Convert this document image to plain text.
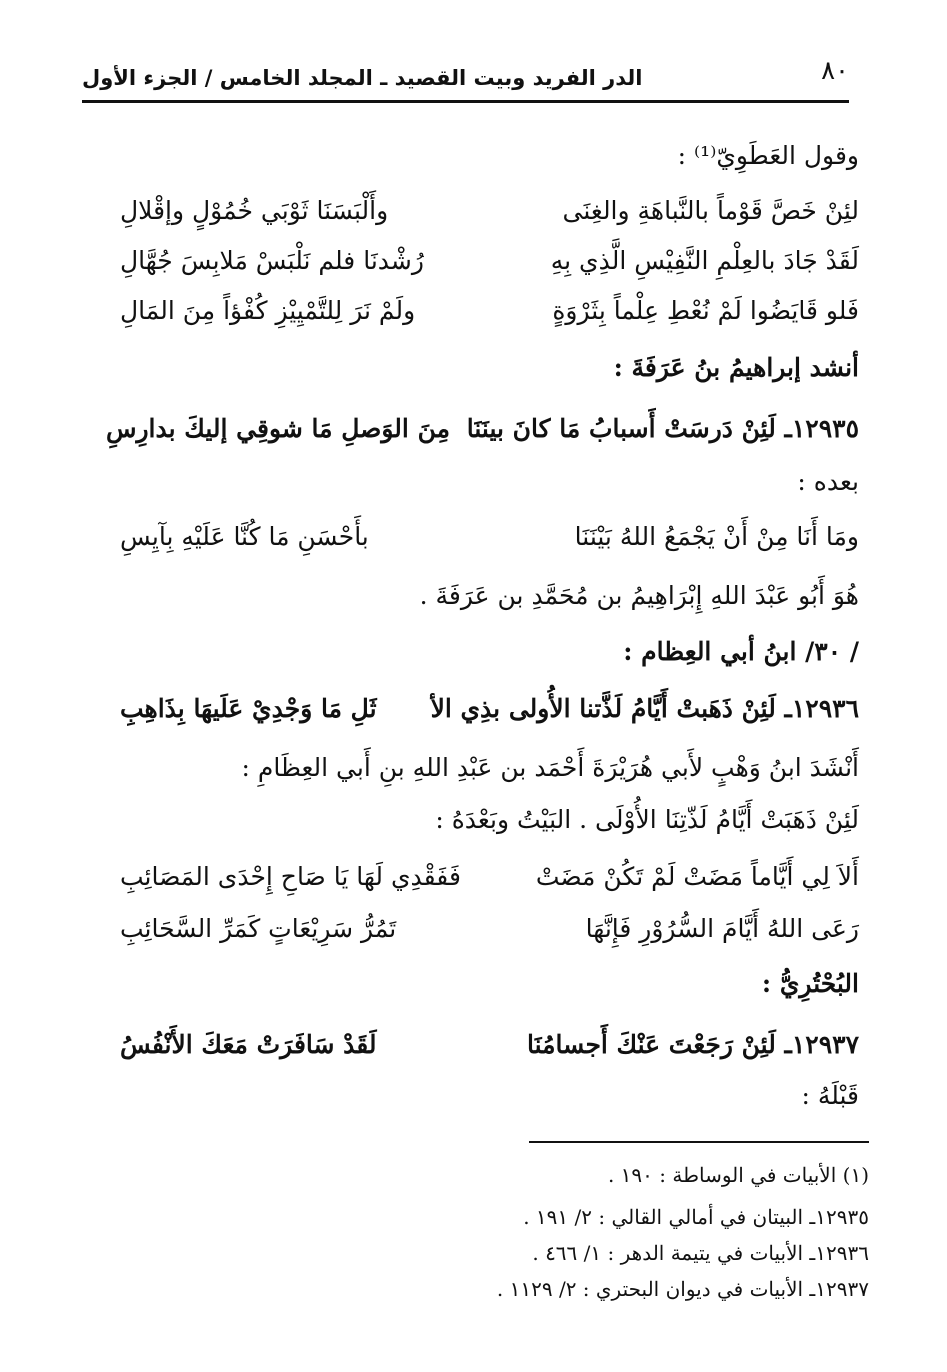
٨٠
الدر الفريد وبيت القصيد ـ المجلد الخامس / الجزء الأول
وقول العَطَوِيّ⁽¹⁾ :
لئِنْ خَصَّ قَوْماً بالنَّباهَةِ والغِنَى
وأَلْبَسَنَا ثَوْبَي خُمُوْلٍ وإقْلالِ
لَقَدْ جَادَ بالعِلْمِ النَّفِيْسِ الَّذِي بِهِ
رُشْدنَا فلم نَلْبَسْ مَلابِسَ جُهَّالِ
فَلو قَايَضُوا لَمْ نُعْطِ عِلْماً بِثَرْوَةٍ
ولَمْ نَرَ لِلتَّمْيِيْزِ كُفْؤاً مِنَ المَالِ
أنشد إبراهيمُ بنُ عَرَفَةَ :
١٢٩٣٥ـ لَئِنْ دَرسَتْ أَسبابُ مَا كانَ بينَنَا
مِنَ الوَصلِ مَا شوقِي إليكَ بدارِسِ
بعده :
ومَا أَنَا مِنْ أَنْ يَجْمَعُ اللهُ بَيْنَنَا
بأَحْسَنِ مَا كُنَّا عَلَيْهِ بِآيِسِ
هُوَ أَبُو عَبْدَ اللهِ إِبْرَاهِيمُ بن مُحَمَّدِ بن عَرَفَةَ .
/ ٣٠/ ابنُ أبي العِظام :
١٢٩٣٦ـ لَئِنْ ذَهَبتْ أَيَّامُ لَذَّتنا الأُولى بذِي الأ
ثَلِ مَا وَجْدِيْ عَلَيهَا بِذَاهِبِ
أَنْشَدَ ابنُ وَهْبٍ لأَبي هُرَيْرَةَ أَحْمَد بن عَبْدِ اللهِ بنِ أَبي العِظَامِ :
لَئِنْ ذَهَبَتْ أَيَّامُ لَذّتِنَا الأُوْلَى . البَيْتُ وبَعْدَهُ :
أَلاَ لِي أَيَّاماً مَضَتْ لَمْ تَكُنْ مَضَتْ
فَفَقْدِي لَهَا يَا صَاحِ إِحْدَى المَصَائِبِ
رَعَى اللهُ أَيَّامَ السُّرُوْرِ فَإِنَّهَا
تَمُرُّ سَرِيْعَاتٍ كَمَرِّ السَّحَائِبِ
البُحْتُرِيُّ :
١٢٩٣٧ـ لَئِنْ رَجَعْتَ عَنْكَ أَجسامُنَا
لَقَدْ سَافَرَتْ مَعَكَ الأَنْفُسُ
قَبْلَهُ :
(١) الأبيات في الوساطة : ١٩٠ .
١٢٩٣٥ـ البيتان في أمالي القالي : ٢/ ١٩١ .
١٢٩٣٦ـ الأبيات في يتيمة الدهر : ١/ ٤٦٦ .
١٢٩٣٧ـ الأبيات في ديوان البحتري : ٢/ ١١٢٩ .
